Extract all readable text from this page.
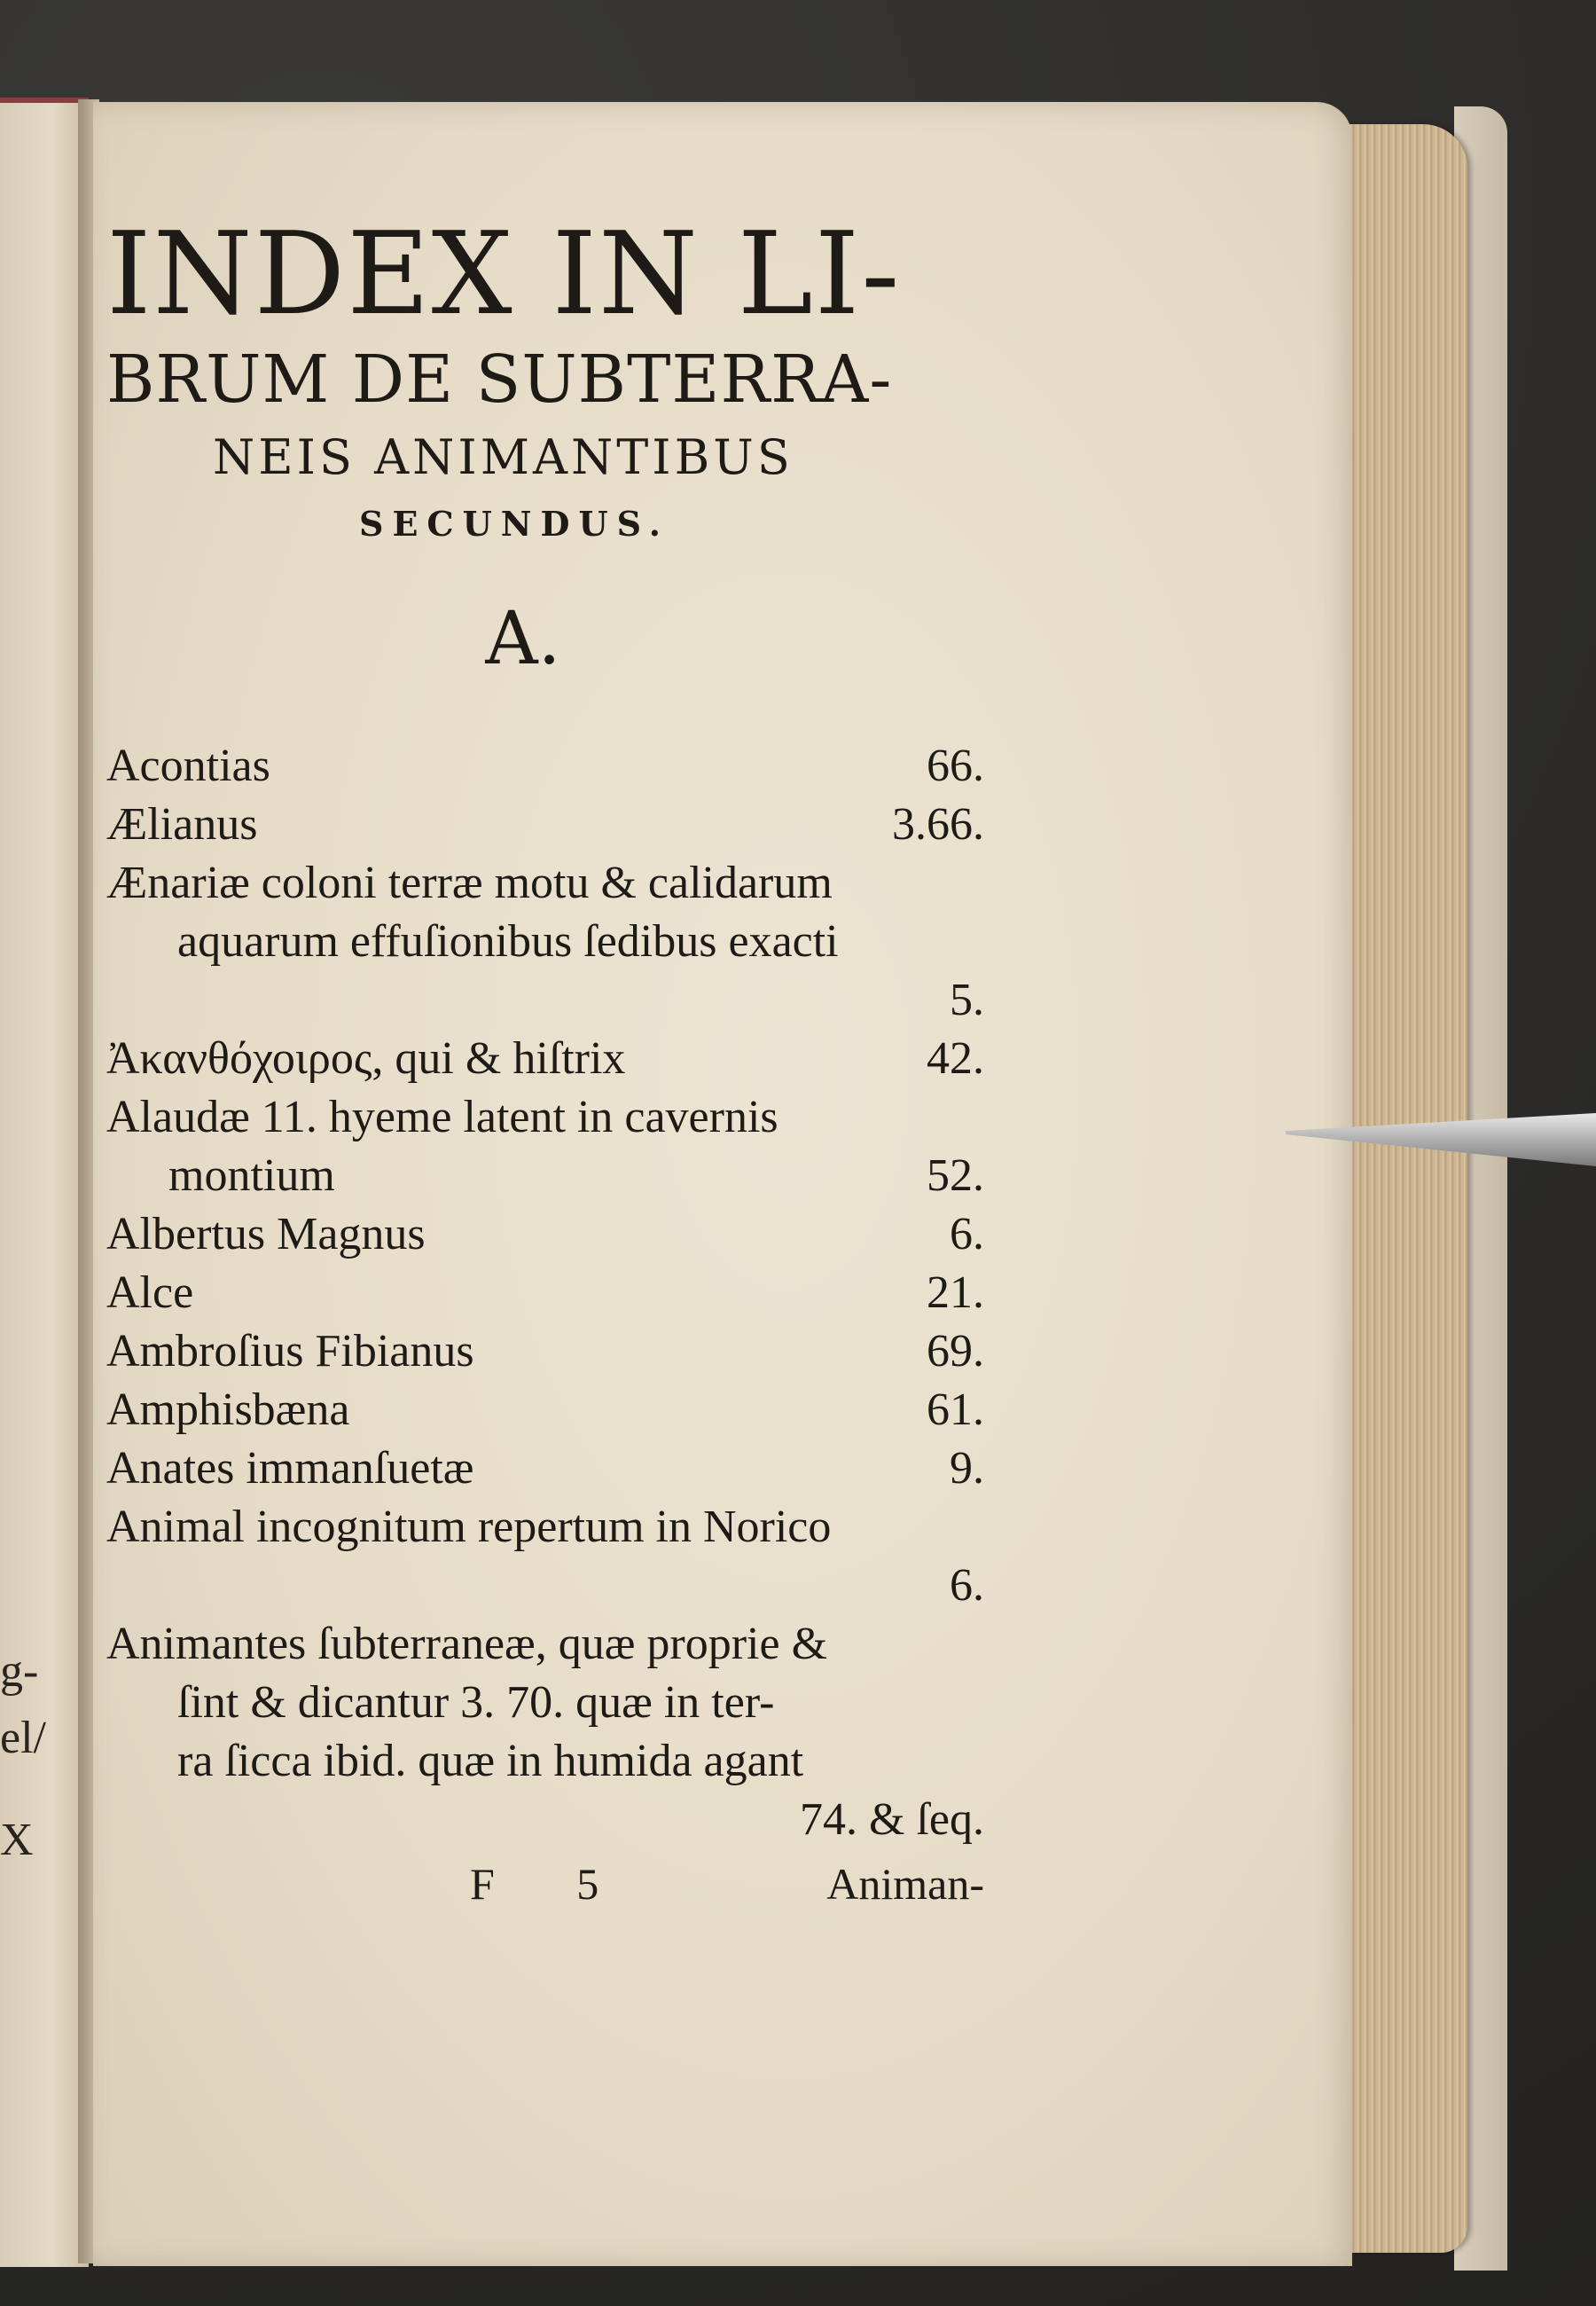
g-
el/
X
INDEX IN LI-
BRUM DE SUBTERRA-
NEIS ANIMANTIBUS
SECUNDUS.
A.
Acontias	66.
Ælianus	3.66.
Ænariæ coloni terræ motu & calidarum
aquarum effuſionibus ſedibus exacti
5.
Ἀκανθόχοιρος, qui & hiſtrix	42.
Alaudæ 11. hyeme latent in cavernis
montium	52.
Albertus Magnus	6.
Alce	21.
Ambroſius Fibianus	69.
Amphisbæna	61.
Anates immanſuetæ	9.
Animal incognitum repertum in Norico
6.
Animantes ſubterraneæ, quæ proprie &
ſint & dicantur 3. 70. quæ in ter-
ra ſicca ibid. quæ in humida agant
74. & ſeq.
F 5	Animan-
